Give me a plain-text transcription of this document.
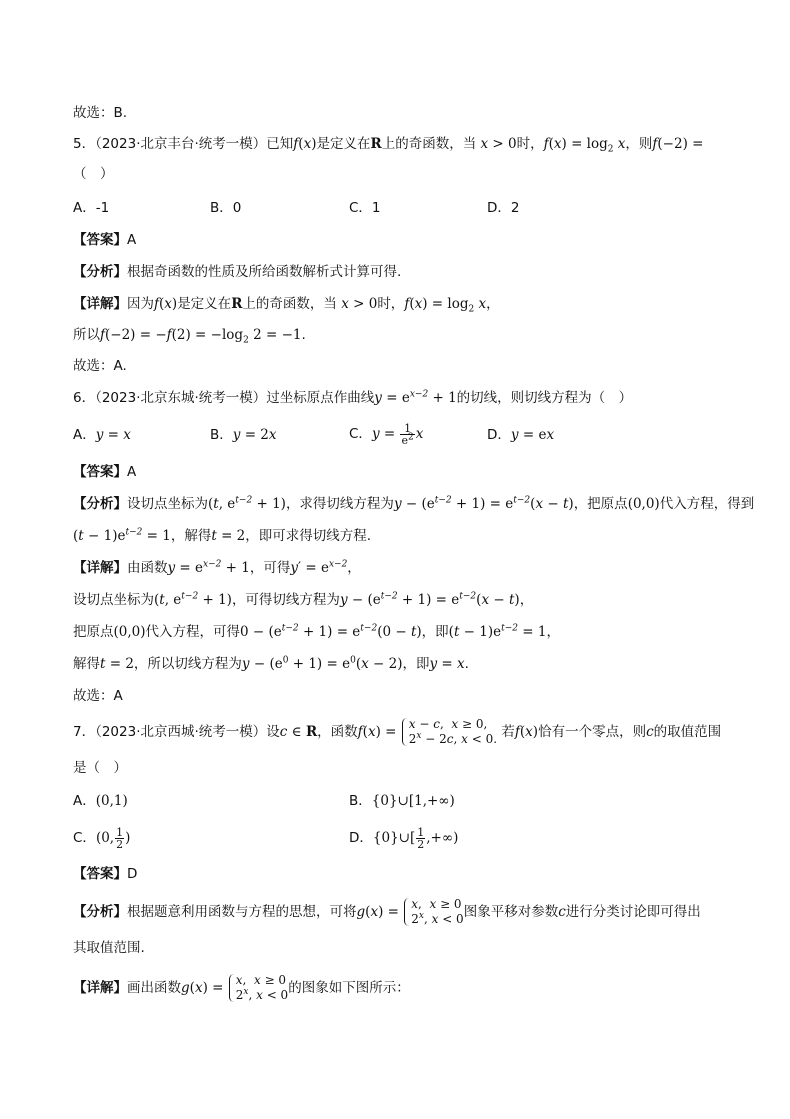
故选：B.
5．（2023·北京丰台·统考一模）已知f(x)是定义在R上的奇函数，当 x > 0时，$f(x) = \log_2 x$，则f(−2) =
（　）
A．-1	B．0	C．1	D．2
【答案】A
【分析】根据奇函数的性质及所给函数解析式计算可得.
【详解】因为f(x)是定义在R上的奇函数，当 x > 0时，$f(x) = \log_2 x$，
所以$f(-2) = -f(2) = -\log_2$ 2 = −1.
故选：A.
6．（2023·北京东城·统考一模）过坐标原点作曲线$y = e^{x-2} + 1$的切线，则切线方程为（　）
A．y = x	B．y = 2x	C．$y = \frac{1}{e^2}$ x	D．y = ex
【答案】A
【分析】设切点坐标为(t, $e^{t-2} + 1$)，求得切线方程为$y - (e^{t-2} + 1) = e^{t-2}(x - t)$，把原点(0,0)代入方程，得到
$(t - 1)e^{t-2} = 1$，解得t = 2，即可求得切线方程.
【详解】由函数$y = e^{x-2} + 1$，可得$y' = e^{x-2}$，
设切点坐标为(t, $e^{t-2} + 1$)，可得切线方程为$y - (e^{t-2} + 1) = e^{t-2}(x - t)$，
把原点(0,0)代入方程，可得$0 - (e^{t-2} + 1) = e^{t-2}(0 - t)$，即$(t - 1)e^{t-2} = 1$，
解得t = 2，所以切线方程为$y - (e^0 + 1) = e^0(x - 2)$，即y = x.
故选：A
7．（2023·北京西城·统考一模）设c ∈ R，函数f(x) = x − c,  x ≥ 0,
$2^x - 2c$, x < 0. 若f(x)恰有一个零点，则c的取值范围
是（　）
A．(0,1)	B．{0}∪[1,+∞)
C．(0, $\frac{1}{2}$ )	D．{0}∪[ $\frac{1}{2}$ ,+∞)
【答案】D
【分析】根据题意利用函数与方程的思想，可将g(x) = x,  x ≥ 0
2$^x$, x < 0 图象平移对参数c进行分类讨论即可得出
其取值范围.
【详解】画出函数g(x) = x,  x ≥ 0
2$^x$, x < 0 的图象如下图所示：
